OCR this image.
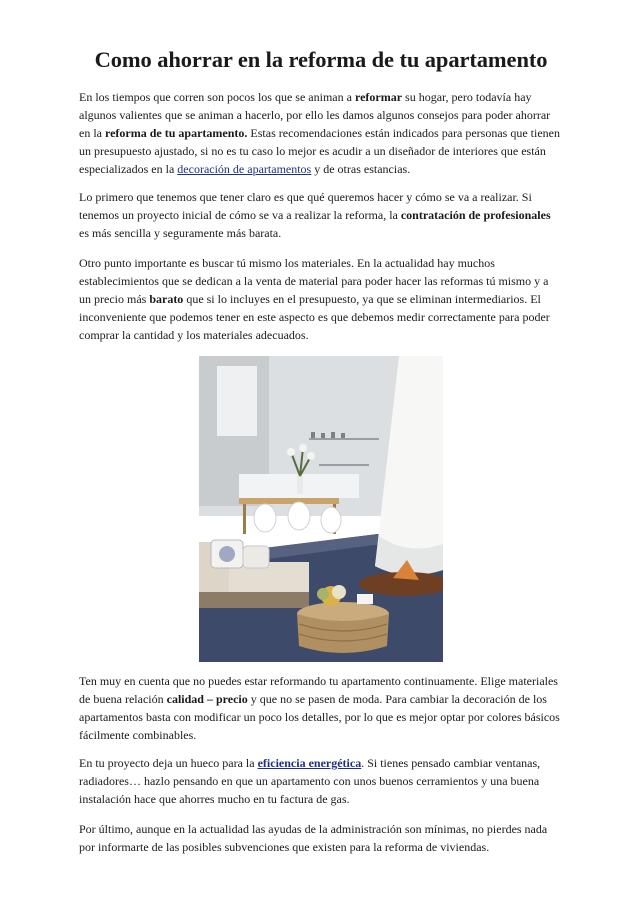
Como ahorrar en la reforma de tu apartamento

En los tiempos que corren son pocos los que se animan a reformar su hogar, pero todavía hay algunos valientes que se animan a hacerlo, por ello les damos algunos consejos para poder ahorrar en la reforma de tu apartamento. Estas recomendaciones están indicados para personas que tienen un presupuesto ajustado, si no es tu caso lo mejor es acudir a un diseñador de interiores que están especializados en la decoración de apartamentos y de otras estancias.

Lo primero que tenemos que tener claro es que qué queremos hacer y cómo se va a realizar. Si tenemos un proyecto inicial de cómo se va a realizar la reforma, la contratación de profesionales es más sencilla y seguramente más barata.

Otro punto importante es buscar tú mismo los materiales. En la actualidad hay muchos establecimientos que se dedican a la venta de material para poder hacer las reformas tú mismo y a un precio más barato que si lo incluyes en el presupuesto, ya que se eliminan intermediarios. El inconveniente que podemos tener en este aspecto es que debemos medir correctamente para poder comprar la cantidad y los materiales adecuados.

Ten muy en cuenta que no puedes estar reformando tu apartamento continuamente. Elige materiales de buena relación calidad – precio y que no se pasen de moda. Para cambiar la decoración de los apartamentos basta con modificar un poco los detalles, por lo que es mejor optar por colores básicos fácilmente combinables.

En tu proyecto deja un hueco para la eficiencia energética. Si tienes pensado cambiar ventanas, radiadores… hazlo pensando en que un apartamento con unos buenos cerramientos y una buena instalación hace que ahorres mucho en tu factura de gas.

Por último, aunque en la actualidad las ayudas de la administración son mínimas, no pierdes nada por informarte de las posibles subvenciones que existen para la reforma de viviendas.
